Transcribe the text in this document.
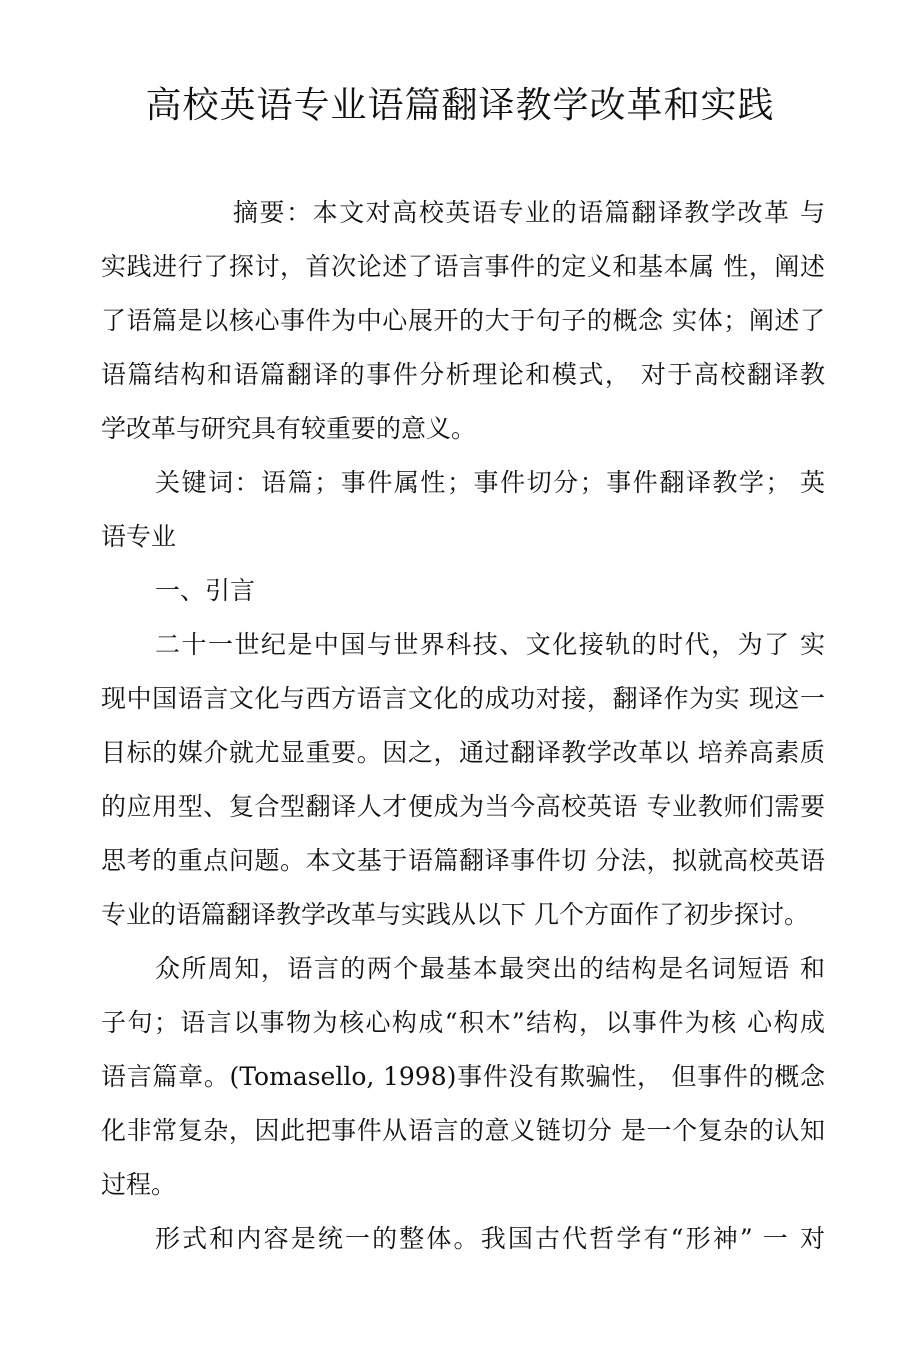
高校英语专业语篇翻译教学改革和实践
摘要：本文对高校英语专业的语篇翻译教学改革 与
实践进行了探讨，首次论述了语言事件的定义和基本属 性，阐述
了语篇是以核心事件为中心展开的大于句子的概念 实体；阐述了
语篇结构和语篇翻译的事件分析理论和模式， 对于高校翻译教
学改革与研究具有较重要的意义。
关键词：语篇；事件属性；事件切分；事件翻译教学； 英
语专业
一、引言
二十一世纪是中国与世界科技、文化接轨的时代，为了 实
现中国语言文化与西方语言文化的成功对接，翻译作为实 现这一
目标的媒介就尤显重要。因之，通过翻译教学改革以 培养高素质
的应用型、复合型翻译人才便成为当今高校英语 专业教师们需要
思考的重点问题。本文基于语篇翻译事件切 分法，拟就高校英语
专业的语篇翻译教学改革与实践从以下 几个方面作了初步探讨。
众所周知，语言的两个最基本最突出的结构是名词短语 和
子句；语言以事物为核心构成“积木”结构，以事件为核 心构成
语言篇章。(Tomasello, 1998)事件没有欺骗性， 但事件的概念
化非常复杂，因此把事件从语言的意义链切分 是一个复杂的认知
过程。
形式和内容是统一的整体。我国古代哲学有“形神” 一 对
